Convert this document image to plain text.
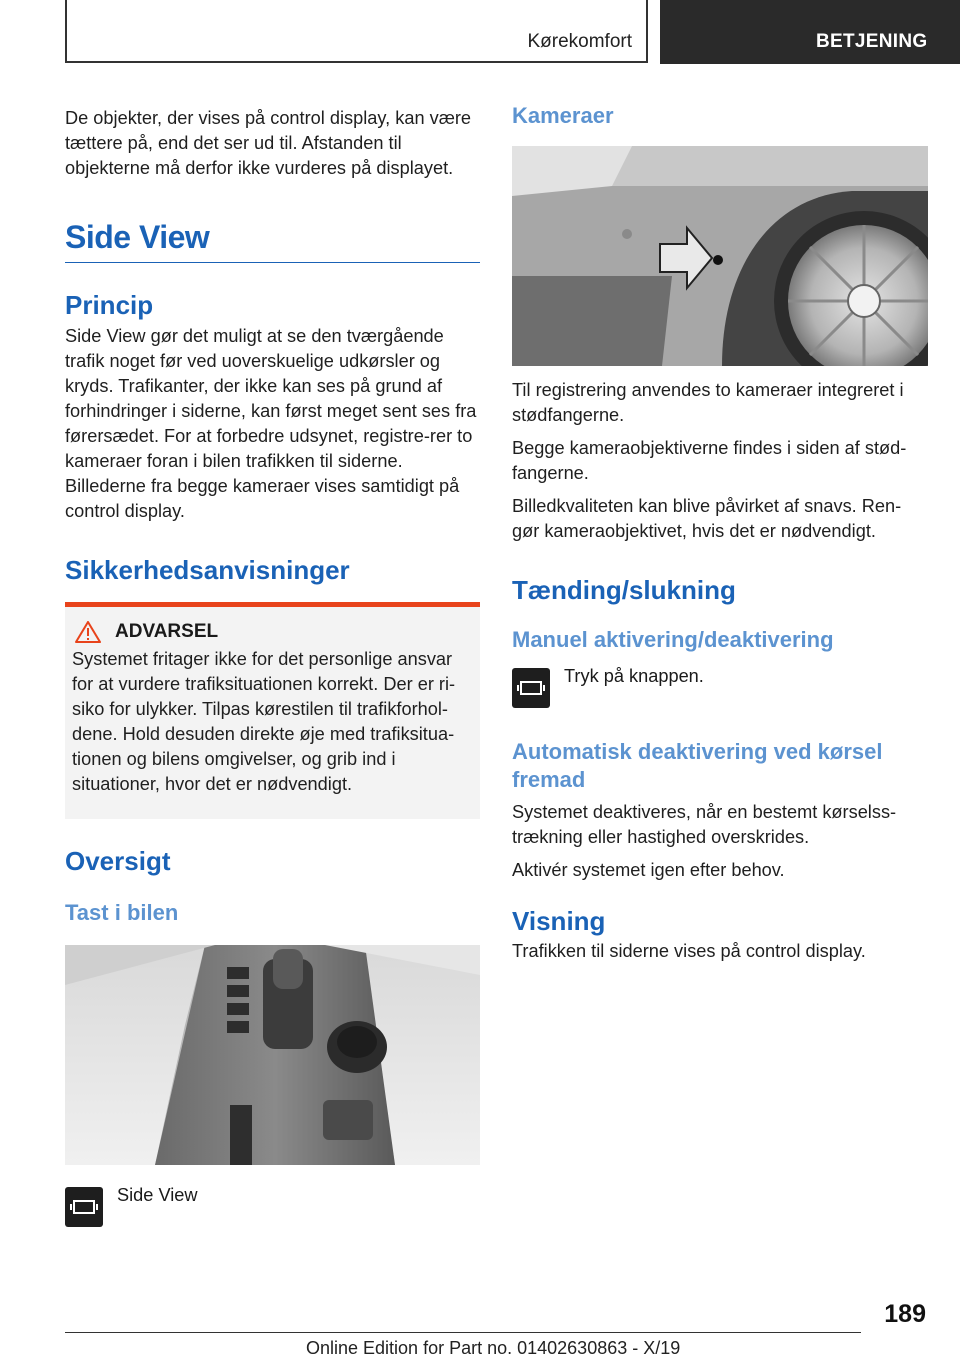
Kørekomfort	BETJENING

De objekter, der vises på control display, kan være tættere på, end det ser ud til. Afstanden til objekterne må derfor ikke vurderes på displayet.

Side View
Princip

Side View gør det muligt at se den tværgående trafik noget før ved uoverskuelige udkørsler og kryds. Trafikanter, der ikke kan ses på grund af forhindringer i siderne, kan først meget sent ses fra førersædet. For at forbedre udsynet, registre-rer to kameraer foran i bilen trafikken til siderne. Billederne fra begge kameraer vises samtidigt på control display.

Sikkerhedsanvisninger
ADVARSEL

Systemet fritager ikke for det personlige ansvar for at vurdere trafiksituationen korrekt. Der er ri-siko for ulykker. Tilpas kørestilen til trafikforhol-dene. Hold desuden direkte øje med trafiksitua-tionen og bilens omgivelser, og grib ind i situationer, hvor det er nødvendigt.

Oversigt
Tast i bilen
Side View
Kameraer

Til registrering anvendes to kameraer integreret i stødfangerne.

Begge kameraobjektiverne findes i siden af stød-fangerne.

Billedkvaliteten kan blive påvirket af snavs. Ren-gør kameraobjektivet, hvis det er nødvendigt.

Tænding/slukning
Manuel aktivering/deaktivering
Tryk på knappen.
Automatisk deaktivering ved kørsel fremad

Systemet deaktiveres, når en bestemt kørselss-trækning eller hastighed overskrides.

Aktivér systemet igen efter behov.

Visning

Trafikken til siderne vises på control display.

189
Online Edition for Part no. 01402630863 - X/19
